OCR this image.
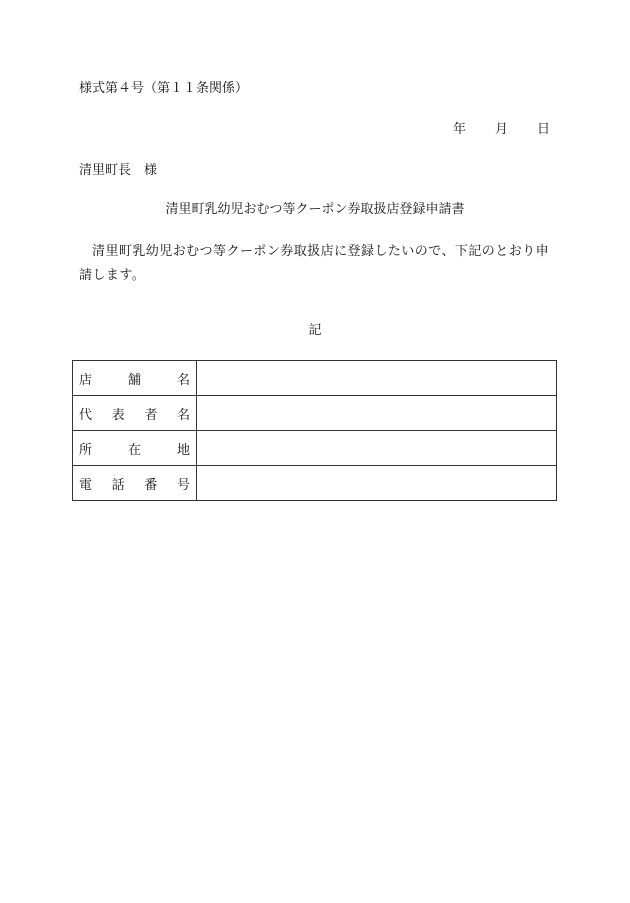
様式第４号（第１１条関係）
年 月 日
清里町長　様
清里町乳幼児おむつ等クーポン券取扱店登録申請書
清里町乳幼児おむつ等クーポン券取扱店に登録したいので、下記のとおり申請します。
記
店 舗 名	

代 表 者 名	

所 在 地	

電 話 番 号	
